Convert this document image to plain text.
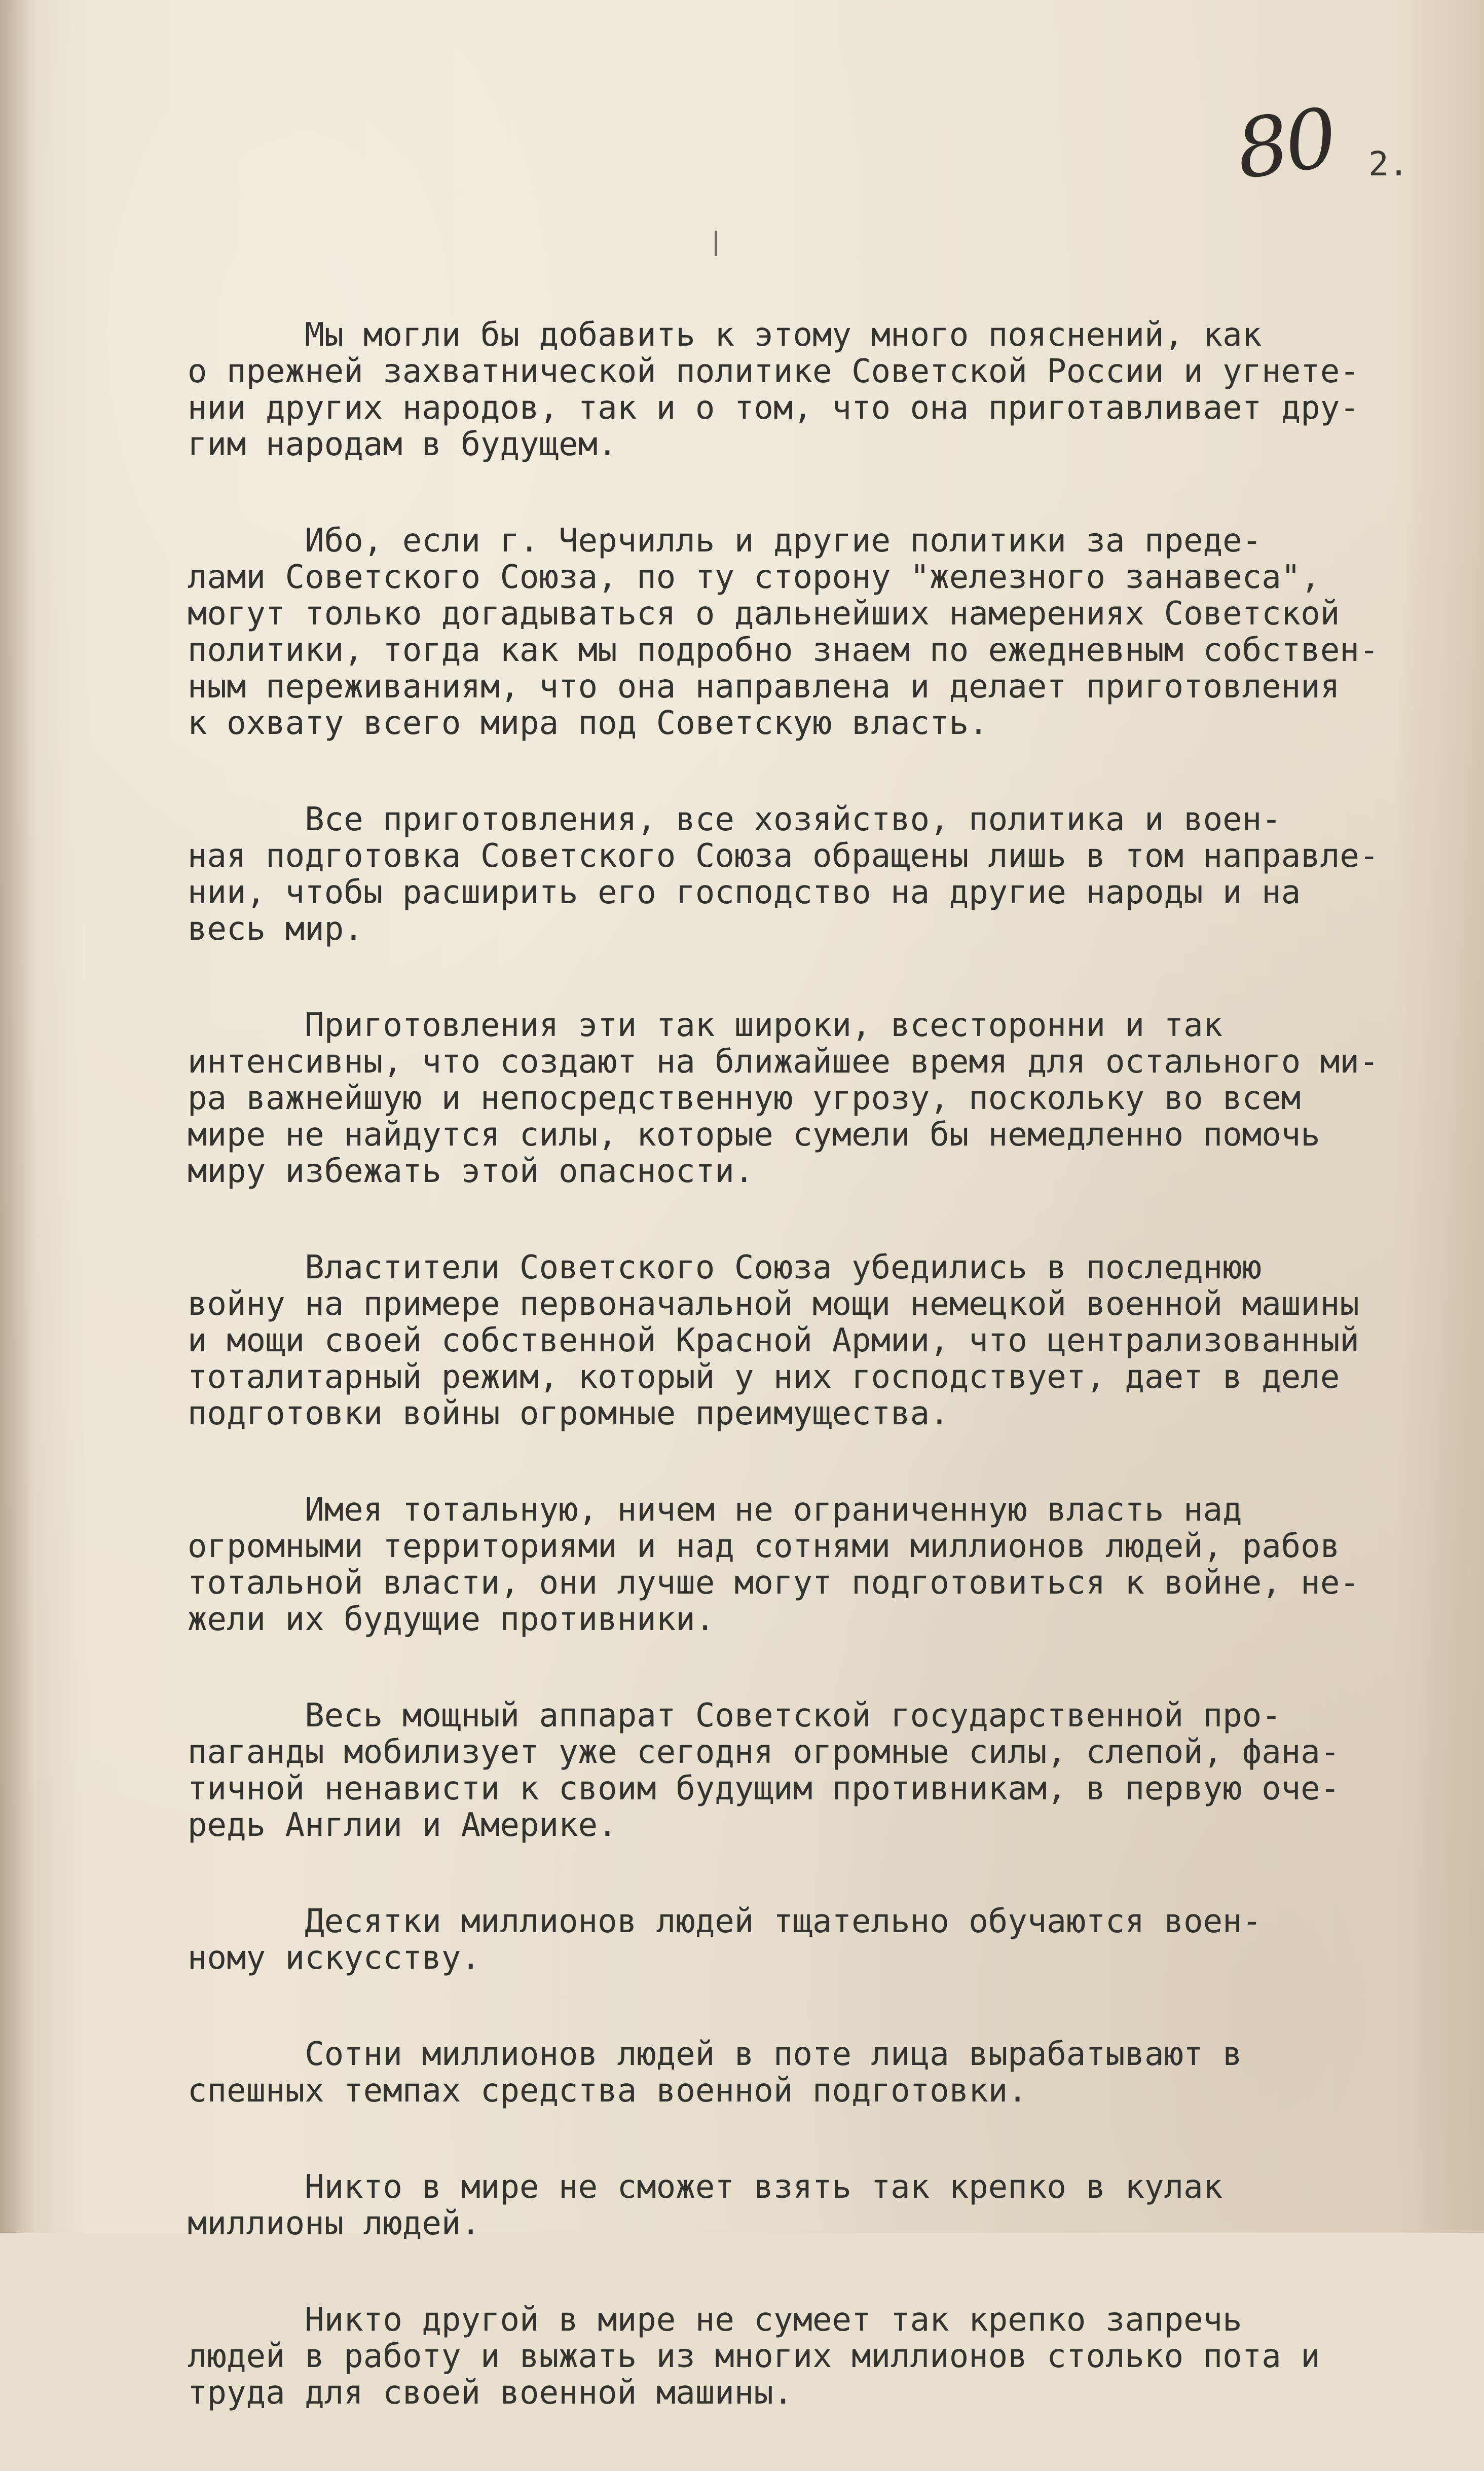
80 2.
Мы могли бы добавить к этому много пояснений, как
о прежней захватнической политике Советской России и угнете-
нии других народов, так и о том, что она приготавливает дру-
гим народам в будущем.
Ибо, если г. Черчилль и другие политики за преде-
лами Советского Союза, по ту сторону "железного занавеса",
могут только догадываться о дальнейших намерениях Советской
политики, тогда как мы подробно знаем по ежедневным собствен-
ным переживаниям, что она направлена и делает приготовления
к охвату всего мира под Советскую власть.
Все приготовления, все хозяйство, политика и воен-
ная подготовка Советского Союза обращены лишь в том направле-
нии, чтобы расширить его господство на другие народы и на
весь мир.
Приготовления эти так широки, всесторонни и так
интенсивны, что создают на ближайшее время для остального ми-
ра важнейшую и непосредственную угрозу, поскольку во всем
мире не найдутся силы, которые сумели бы немедленно помочь
миру избежать этой опасности.
Властители Советского Союза убедились в последнюю
войну на примере первоначальной мощи немецкой военной машины
и мощи своей собственной Красной Армии, что централизованный
тоталитарный режим, который у них господствует, дает в деле
подготовки войны огромные преимущества.
Имея тотальную, ничем не ограниченную власть над
огромными территориями и над сотнями миллионов людей, рабов
тотальной власти, они лучше могут подготовиться к войне, не-
жели их будущие противники.
Весь мощный аппарат Советской государственной про-
паганды мобилизует уже сегодня огромные силы, слепой, фана-
тичной ненависти к своим будущим противникам, в первую оче-
редь Англии и Америке.
Десятки миллионов людей тщательно обучаются воен-
ному искусству.
Сотни миллионов людей в поте лица вырабатывают в
спешных темпах средства военной подготовки.
Никто в мире не сможет взять так крепко в кулак
миллионы людей.
Никто другой в мире не сумеет так крепко запречь
людей в работу и выжать из многих миллионов столько пота и
труда для своей военной машины.
